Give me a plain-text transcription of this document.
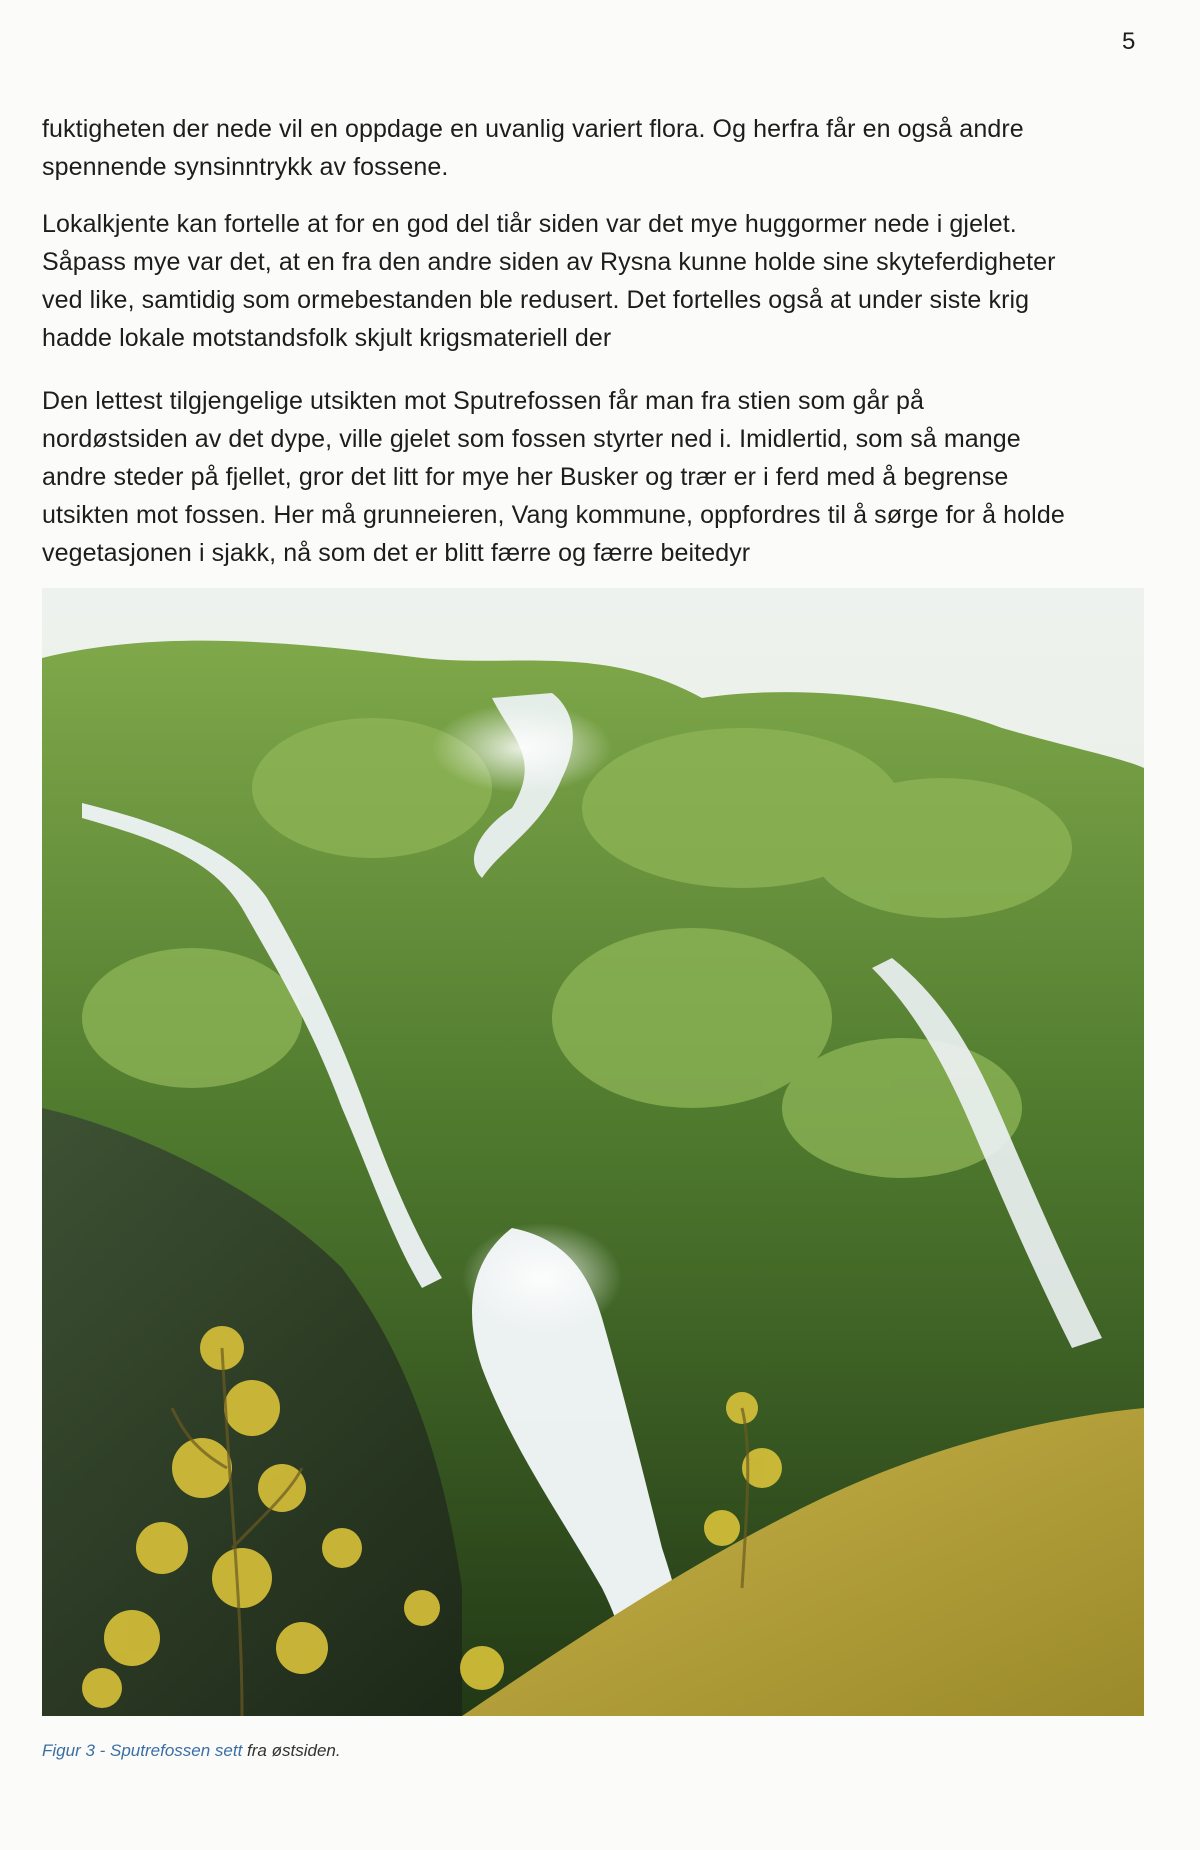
5

fuktigheten der nede vil en oppdage en uvanlig variert flora. Og herfra får en også andre

spennende synsinntrykk av fossene.

Lokalkjente kan fortelle at for en god del tiår siden var det mye huggormer nede i gjelet.

Såpass mye var det, at en fra den andre siden av Rysna kunne holde sine skyteferdigheter

ved like, samtidig som ormebestanden ble redusert. Det fortelles også at under siste krig

hadde lokale motstandsfolk skjult krigsmateriell der

Den lettest tilgjengelige utsikten mot Sputrefossen får man fra stien som går på

nordøstsiden av det dype, ville gjelet som fossen styrter ned i. Imidlertid, som så mange

andre steder på fjellet, gror det litt for mye her Busker og trær er i ferd med å begrense

utsikten mot fossen. Her må grunneieren, Vang kommune, oppfordres til å sørge for å holde

vegetasjonen i sjakk, nå som det er blitt færre og færre beitedyr

Figur 3 - Sputrefossen sett fra østsiden.
